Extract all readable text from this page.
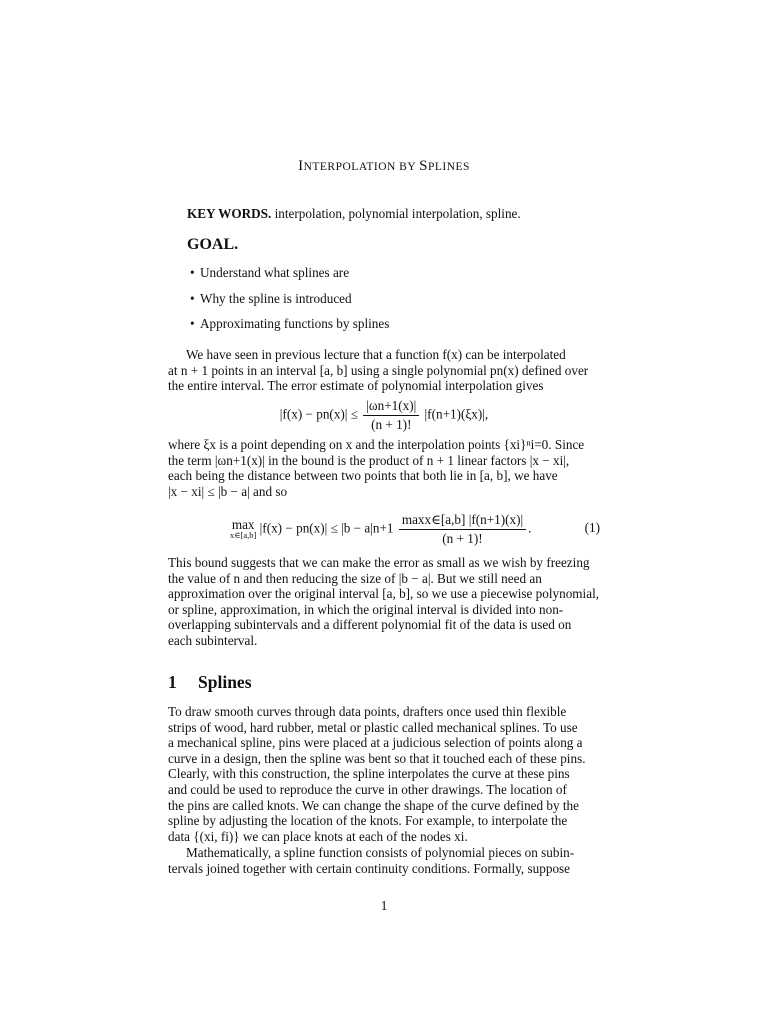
INTERPOLATION BY SPLINES
KEY WORDS. interpolation, polynomial interpolation, spline.
GOAL.
• Understand what splines are
• Why the spline is introduced
• Approximating functions by splines

We have seen in previous lecture that a function f(x) can be interpolated

at n + 1 points in an interval [a, b] using a single polynomial pn(x) defined over

the entire interval. The error estimate of polynomial interpolation gives

$|f(x) - pn(x)| \le \frac{|\omega n+1(x)|}{(n + 1)!} |f(n+1)(\xi x)|$,

where ξx is a point depending on x and the interpolation points {xi}ⁿi=0. Since

the term |ωn+1(x)| in the bound is the product of n + 1 linear factors |x − xi|,

each being the distance between two points that both lie in [a, b], we have

|x − xi| ≤ |b − a| and so

max
x∈[a,b] $|f(x) - pn(x)| \le |b - a|n+1 \frac{\max x\in[a,b] |f(n+1)(x)|}{(n + 1)!}$ .	(1)

This bound suggests that we can make the error as small as we wish by freezing

the value of n and then reducing the size of |b − a|. But we still need an

approximation over the original interval [a, b], so we use a piecewise polynomial,

or spline, approximation, in which the original interval is divided into non-

overlapping subintervals and a different polynomial fit of the data is used on

each subinterval.

1 Splines

To draw smooth curves through data points, drafters once used thin flexible

strips of wood, hard rubber, metal or plastic called mechanical splines. To use

a mechanical spline, pins were placed at a judicious selection of points along a

curve in a design, then the spline was bent so that it touched each of these pins.

Clearly, with this construction, the spline interpolates the curve at these pins

and could be used to reproduce the curve in other drawings. The location of

the pins are called knots. We can change the shape of the curve defined by the

spline by adjusting the location of the knots. For example, to interpolate the

data {(xi, fi)} we can place knots at each of the nodes xi.

Mathematically, a spline function consists of polynomial pieces on subin-

tervals joined together with certain continuity conditions. Formally, suppose

1
